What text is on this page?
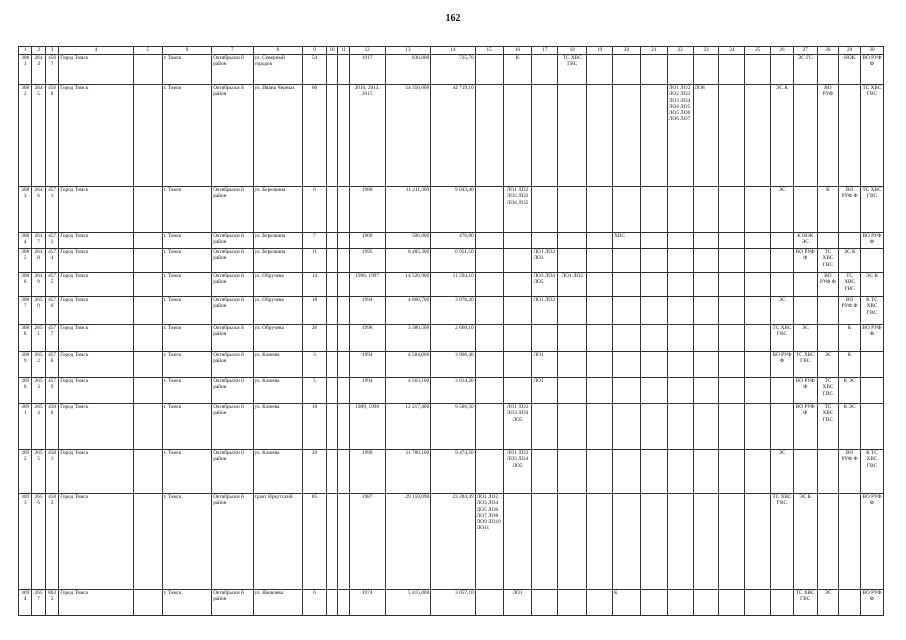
162
1	2	3	4	5	6	7	8	9	10	11	12	13	14	15	16	17	18	19	20	21	22	23	24	25	26	27	28	29	30
3081	2644	4567	Город Томск		г. Томск	Октябрьски й район	ул. Северный городок	54			1917	836,800	725,70		К		ТС ХВС ГВС									ЭС ГС		НОК	ВО РУФ Ф
3082	2645	4568	Город Томск		г. Томск	Октябрьски й район	ул. Ивана Черных	66			2010, 2013, 2015	54 356,000	44 719,10								ЛО1 ЛО2 ЛО2 ЛО3 ЛО3 ЛО4 ЛО4 ЛО5 ЛО5 ЛО6 ЛО6 ЛО7	ЛО8			ЭС К		ВО РУФ		ТС ХВС ГВС
3083	2646	4571	Город Томск		г. Томск	Октябрьски й район	ул. Березкина	6			1988	11 211,300	9 043,40		ЛО1 ЛО2 ЛО2 ЛО3 ЛО4 ЛО5										ЭС		К	ВО РУФ Ф	ТС ХВС ГВС
3084	2647	4572	Город Томск		г. Томск	Октябрьски й район	ул. Березкина	7			1960	506,800	476,80						ХВС							К НОК ЭС			ВО РУФ Ф
3085	2648	4574	Город Томск		г. Томск	Октябрьски й район	ул. Березкина	11			1995	8 485,300	6 951,50			ЛО1 ЛО2 ЛО3										ВО РУФ Ф	ТС ХВС ГВС	ЭС К	
3086	2649	4575	Город Томск		г. Томск	Октябрьски й район	ул. Обручева	14			1996, 1997	14 526,900	11 594,10			ЛО3 ЛО4 ЛО5	ЛО1 ЛО2										ВО РУФ Ф	ТС ХВС ГВС	ЭС К
3087	2650	4576	Город Томск		г. Томск	Октябрьски й район	ул. Обручева	18			1994	4 860,700	3 878,20			ЛО1 ЛО2									ЭС			ВО РУФ Ф	К ТС ХВС ГВС
3088	2651	4577	Город Томск		г. Томск	Октябрьски й район	ул. Обручева	26			1998	3 380,500	2 668,10												ТС ХВС ГВС	ЭС		К	ВО РУФ Ф
3089	2652	4578	Город Томск		г. Томск	Октябрьски й район	ул. Клюева	3			1994	4 584,000	3 900,40			ЛО1									ВО РУФ Ф	ТС ХВС ГВС	ЭС	К	
3090	2653	4579	Город Томск		г. Томск	Октябрьски й район	ул. Клюева	5			1994	4 563,100	3 914,20			ЛО1										ВО РУФ Ф	ТС ХВС ГВС	К ЭС	
3091	2654	4580	Город Томск		г. Томск	Октябрьски й район	ул. Клюева	18			1989, 1990	12 217,400	9 586,50		ЛО1 ЛО2 ЛО3 ЛО4 ЛО5											ВО РУФ Ф	ТС ХВС ГВС	К ЭС	
3092	2655	4581	Город Томск		г. Томск	Октябрьски й район	ул. Клюева	20			1990	11 780,100	9 474,50		ЛО1 ЛО2 ЛО3 ЛО4 ЛО5										ЭС			ВО РУФ Ф	К ТС ХВС ГВС
3093	2656	4582	Город Томск		г. Томск	Октябрьски й район	тракт Иркутский	85			1987	29 159,090	23 284,49	ЛО1 ЛО2 ЛО3 ЛО4 ЛО5 ЛО6 ЛО7 ЛО8 ЛО9 ЛО10 ЛО11											ТС ХВС ГВС	ЭС К			ВО РУФ Ф
3094	2657	8032	Город Томск		г. Томск	Октябрьски й район	ул. Яковлева	6			1974	5 415,000	3 057,10		ЛО1				К							ТС ХВС ГВС	ЭС		ВО РУФ Ф
